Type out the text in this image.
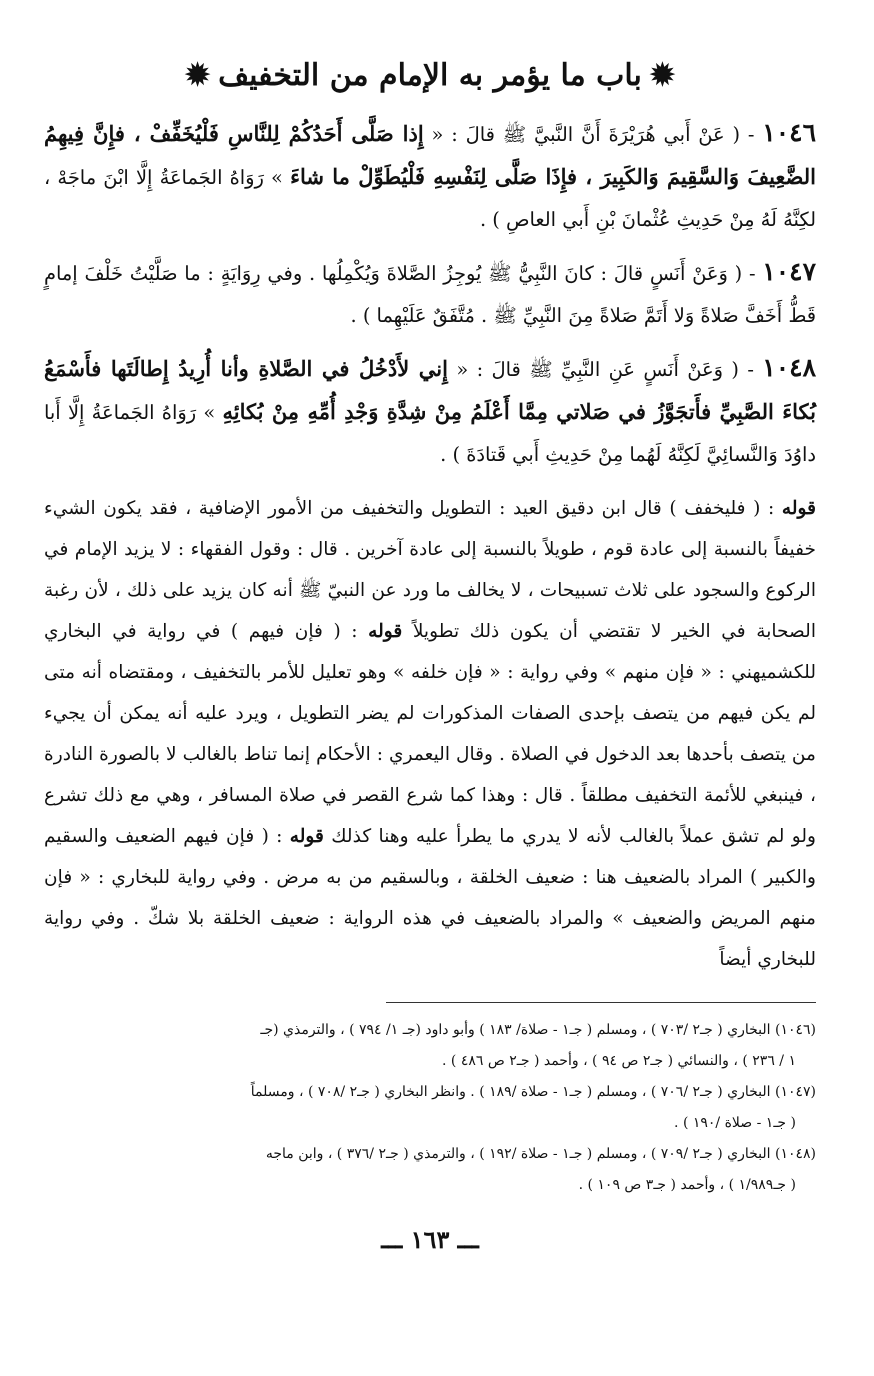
✹باب ما يؤمر به الإمام من التخفيف✹

١٠٤٦ - ( عَنْ أَبي هُرَيْرَةَ أَنَّ النَّبيَّ ﷺ قالَ : « إِذا صَلَّى أَحَدُكُمْ لِلنَّاسِ فَلْيُخَفِّفْ ، فإِنَّ فِيهِمُ الضَّعِيفَ وَالسَّقِيمَ وَالكَبِيرَ ، فإِذَا صَلَّى لِنَفْسِهِ فَلْيُطَوِّلْ ما شاءَ » رَوَاهُ الجَماعَةُ إِلَّا ابْنَ ماجَهْ ، لكِنَّهُ لَهُ مِنْ حَدِيثِ عُثْمانَ بْنِ أَبي العاصِ ) .

١٠٤٧ - ( وَعَنْ أَنَسٍ قالَ : كانَ النَّبِيُّ ﷺ يُوجِزُ الصَّلاةَ وَيُكْمِلُها . وفي رِوَايَةٍ : ما صَلَّيْتُ خَلْفَ إمامٍ قَطُّ أَخَفَّ صَلاةً وَلا أَتَمَّ صَلاةً مِنَ النَّبِيِّ ﷺ . مُتَّفَقٌ عَلَيْهِما ) .

١٠٤٨ - ( وَعَنْ أَنَسٍ عَنِ النَّبِيِّ ﷺ قالَ : « إِني لأَدْخُلُ في الصَّلاةِ وأنا أُرِيدُ إِطالَتَها فأَسْمَعُ بُكاءَ الصَّبِيِّ فأَتجَوَّزُ في صَلاتي مِمَّا أَعْلَمُ مِنْ شِدَّةِ وَجْدِ أُمِّهِ مِنْ بُكائِهِ » رَوَاهُ الجَماعَةُ إِلَّا أَبا داوُدَ وَالنَّسائِيَّ لَكِنَّهُ لَهُما مِنْ حَدِيثِ أَبي قَتادَةَ ) .

قوله : ( فليخفف ) قال ابن دقيق العيد : التطويل والتخفيف من الأمور الإضافية ، فقد يكون الشيء خفيفاً بالنسبة إلى عادة قوم ، طويلاً بالنسبة إلى عادة آخرين . قال : وقول الفقهاء : لا يزيد الإمام في الركوع والسجود على ثلاث تسبيحات ، لا يخالف ما ورد عن النبيّ ﷺ أنه كان يزيد على ذلك ، لأن رغبة الصحابة في الخير لا تقتضي أن يكون ذلك تطويلاً قوله : ( فإن فيهم ) في رواية في البخاري للكشميهني : « فإن منهم » وفي رواية : « فإن خلفه » وهو تعليل للأمر بالتخفيف ، ومقتضاه أنه متى لم يكن فيهم من يتصف بإحدى الصفات المذكورات لم يضر التطويل ، ويرد عليه أنه يمكن أن يجيء من يتصف بأحدها بعد الدخول في الصلاة . وقال اليعمري : الأحكام إنما تناط بالغالب لا بالصورة النادرة ، فينبغي للأئمة التخفيف مطلقاً . قال : وهذا كما شرع القصر في صلاة المسافر ، وهي مع ذلك تشرع ولو لم تشق عملاً بالغالب لأنه لا يدري ما يطرأ عليه وهنا كذلك قوله : ( فإن فيهم الضعيف والسقيم والكبير ) المراد بالضعيف هنا : ضعيف الخلقة ، وبالسقيم من به مرض . وفي رواية للبخاري : « فإن منهم المريض والضعيف » والمراد بالضعيف في هذه الرواية : ضعيف الخلقة بلا شكّ . وفي رواية للبخاري أيضاً

(١٠٤٦) البخاري ( جـ٢ /٧٠٣ ) ، ومسلم ( جـ١ - صلاة/ ١٨٣ ) وأبو داود (جـ ١/ ٧٩٤ ) ، والترمذي (جـ
١ / ٢٣٦ ) ، والنسائي ( جـ٢ ص ٩٤ ) ، وأحمد ( جـ٢ ص ٤٨٦ ) .

(١٠٤٧) البخاري ( جـ٢ /٧٠٦ ) ، ومسلم ( جـ١ - صلاة /١٨٩ ) . وانظر البخاري ( جـ٢ /٧٠٨ ) ، ومسلماً
( جـ١ - صلاة /١٩٠ ) .

(١٠٤٨) البخاري ( جـ٢ /٧٠٩ ) ، ومسلم ( جـ١ - صلاة /١٩٢ ) ، والترمذي ( جـ٢ /٣٧٦ ) ، وابن ماجه
( جـ١/٩٨٩ ) ، وأحمد ( جـ٣ ص ١٠٩ ) .

ـــ ١٦٣ ـــ
